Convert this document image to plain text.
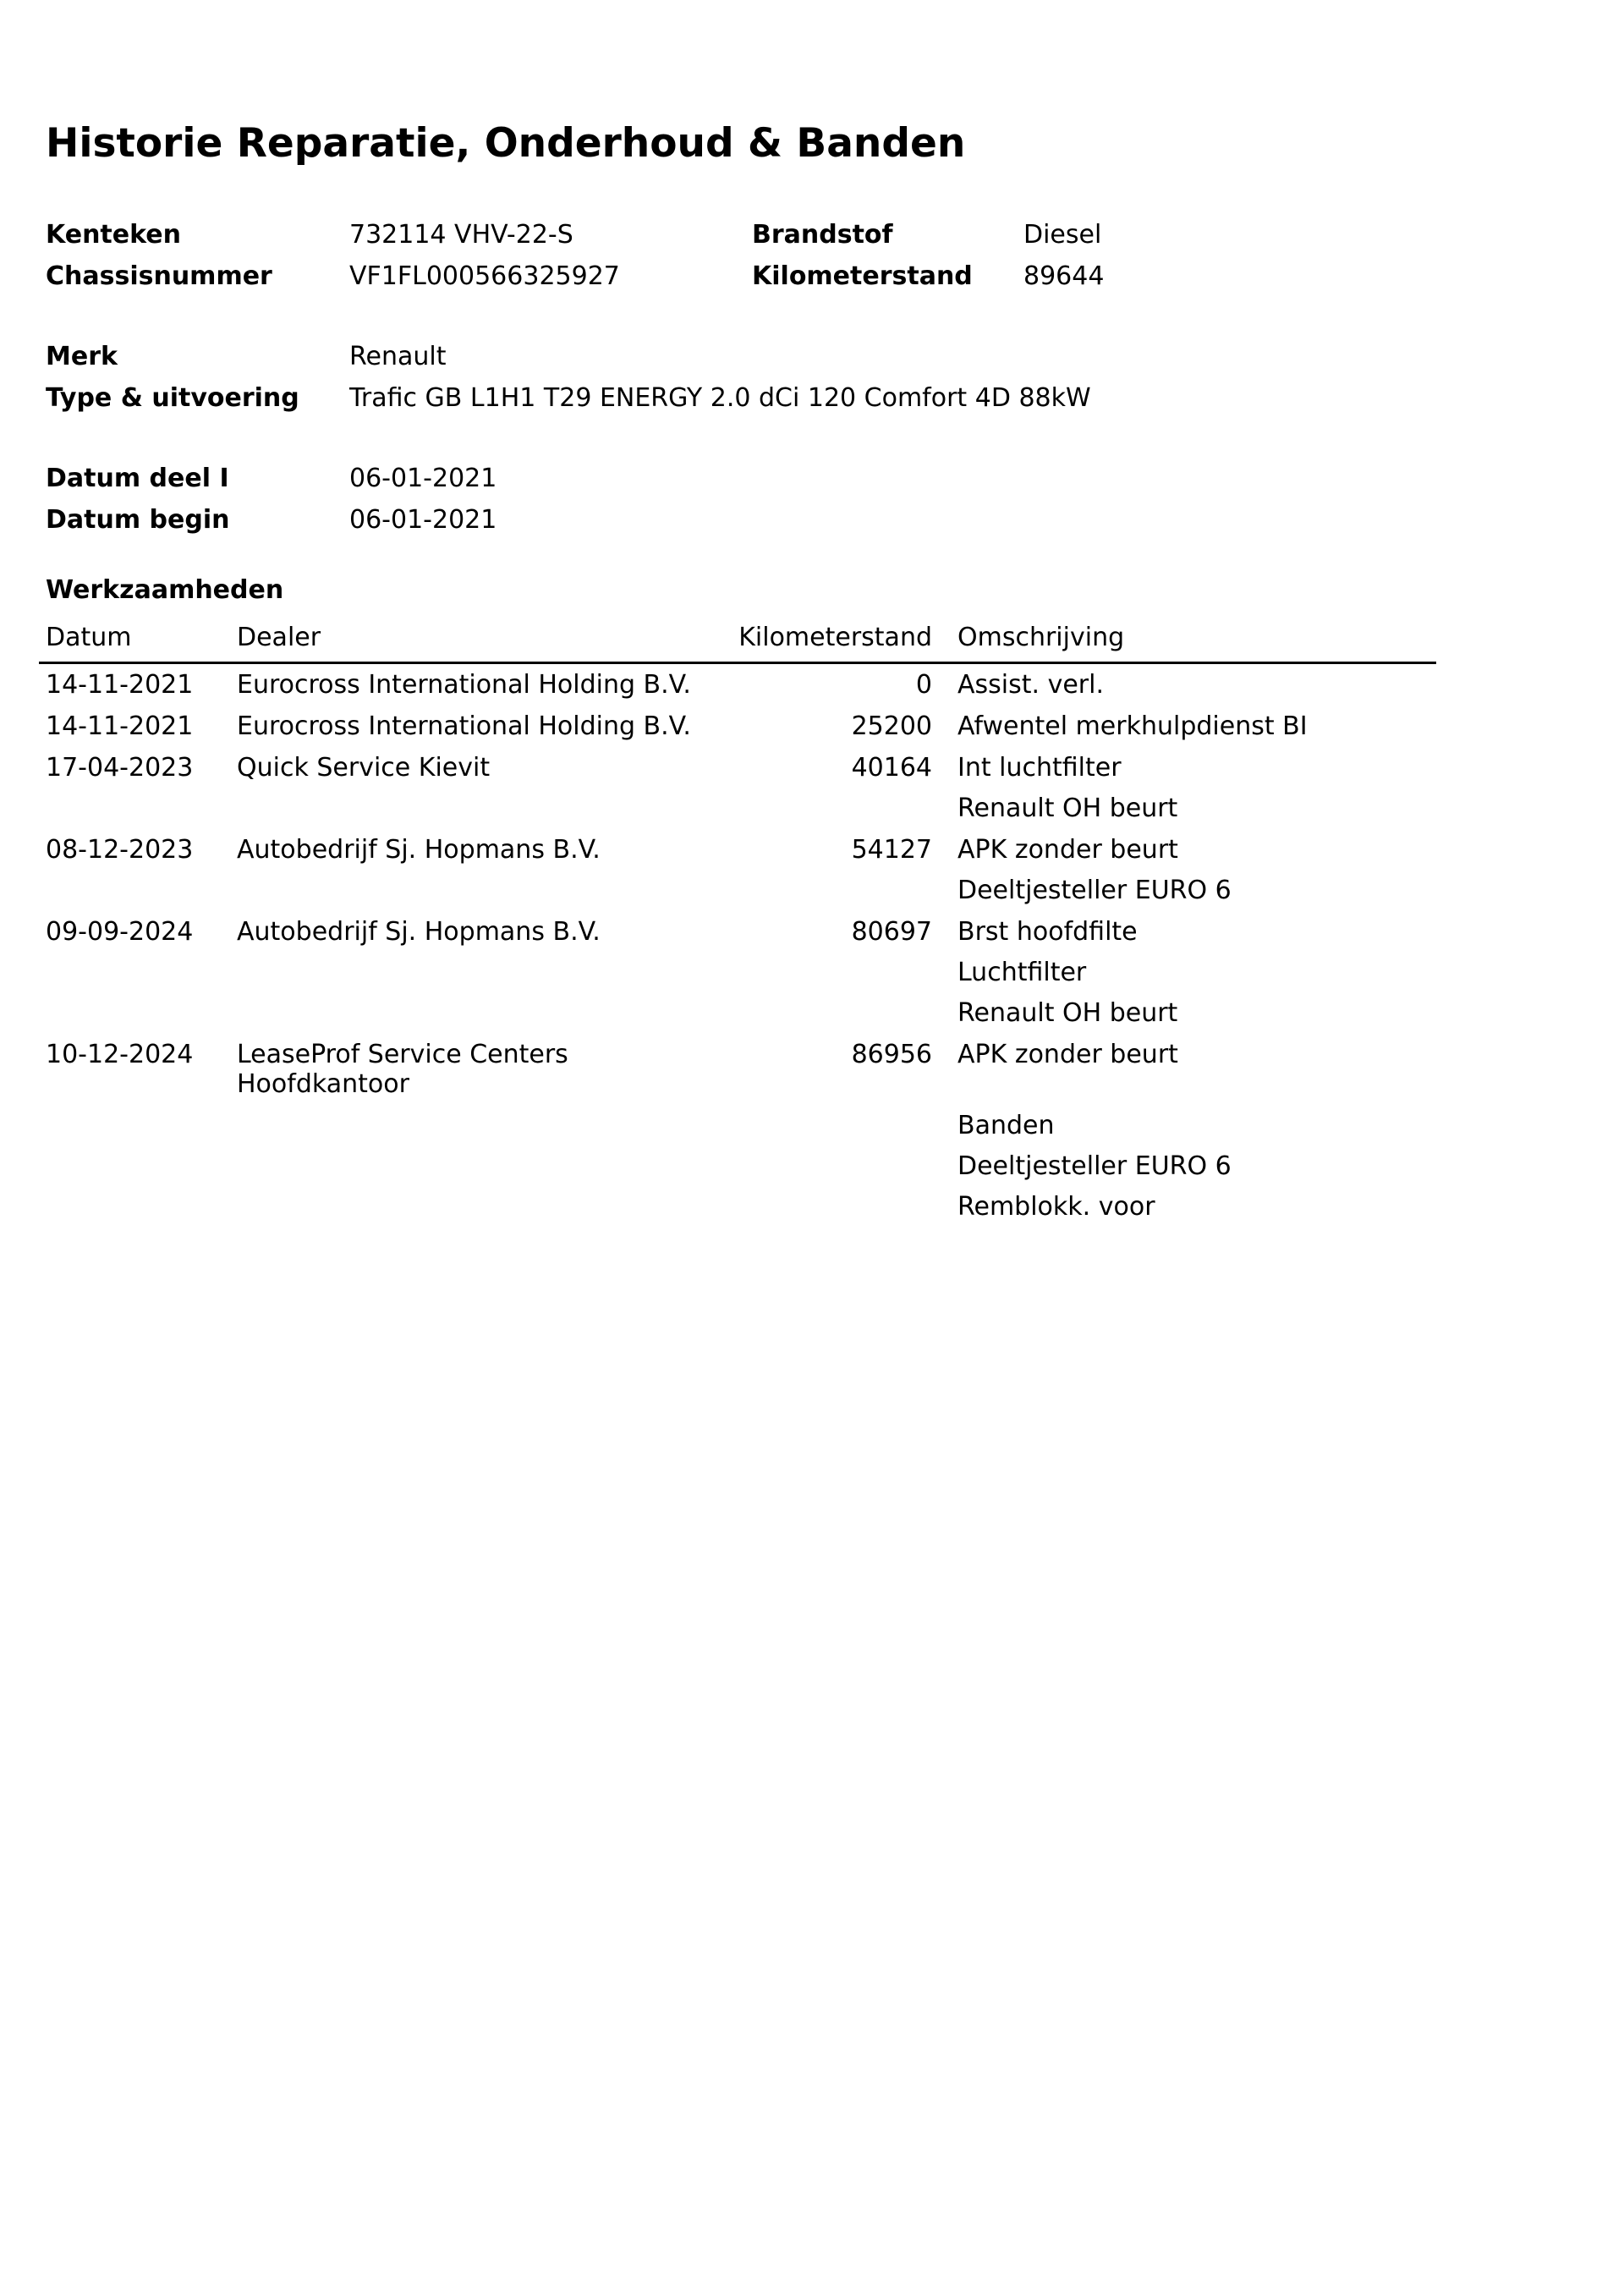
Historie Reparatie, Onderhoud & Banden
Kenteken	732114 VHV-22-S	Brandstof	Diesel
Chassisnummer	VF1FL000566325927	Kilometerstand 89644
Merk	Renault
Type & uitvoering Trafic GB L1H1 T29 ENERGY 2.0 dCi 120 Comfort 4D 88kW
Datum deel I	06-01-2021
Datum begin	06-01-2021
Werkzaamheden
Datum	Dealer	Kilometerstand	Omschrijving
14-11-2021	Eurocross International Holding B.V.	0	Assist. verl.

14-11-2021	Eurocross International Holding B.V.	25200	Afwentel merkhulpdienst BI

17-04-2023	Quick Service Kievit	40164	Int luchtfilter
Renault OH beurt

08-12-2023	Autobedrijf Sj. Hopmans B.V.	54127	APK zonder beurt
Deeltjesteller EURO 6

09-09-2024	Autobedrijf Sj. Hopmans B.V.	80697	Brst hoofdfilte
Luchtfilter
Renault OH beurt

10-12-2024	LeaseProf Service Centers Hoofdkantoor	86956	APK zonder beurt
Banden
Deeltjesteller EURO 6
Remblokk. voor
